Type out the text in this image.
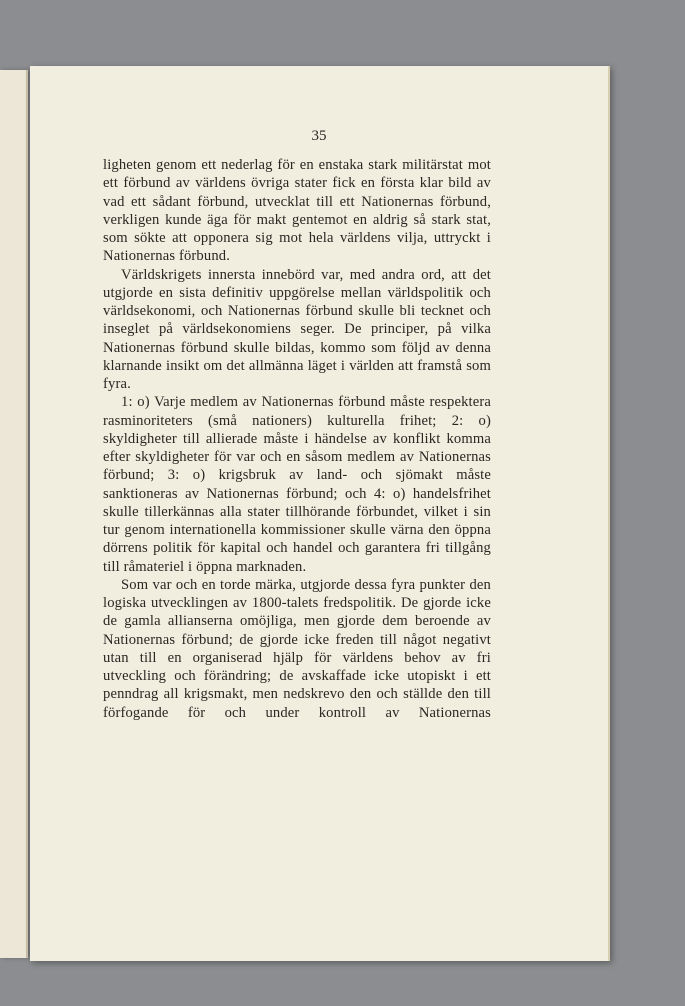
35

ligheten genom ett nederlag för en enstaka stark militärstat mot ett förbund av världens övriga stater fick en första klar bild av vad ett sådant förbund, utvecklat till ett Nationernas förbund, verkligen kunde äga för makt gentemot en aldrig så stark stat, som sökte att opponera sig mot hela världens vilja, uttryckt i Nationernas förbund.

Världskrigets innersta innebörd var, med andra ord, att det utgjorde en sista definitiv uppgörelse mellan världspolitik och världsekonomi, och Nationernas förbund skulle bli tecknet och inseglet på världsekonomiens seger. De principer, på vilka Nationernas förbund skulle bildas, kommo som följd av denna klarnande insikt om det allmänna läget i världen att framstå som fyra.

1: o) Varje medlem av Nationernas förbund måste respektera rasminoriteters (små nationers) kulturella frihet; 2: o) skyldigheter till allierade måste i händelse av konflikt komma efter skyldigheter för var och en såsom medlem av Nationernas förbund; 3: o) krigsbruk av land- och sjömakt måste sanktioneras av Nationernas förbund; och 4: o) handelsfrihet skulle tillerkännas alla stater tillhörande förbundet, vilket i sin tur genom internationella kommissioner skulle värna den öppna dörrens politik för kapital och handel och garantera fri tillgång till råmateriel i öppna marknaden.

Som var och en torde märka, utgjorde dessa fyra punkter den logiska utvecklingen av 1800-talets fredspolitik. De gjorde icke de gamla allianserna omöjliga, men gjorde dem beroende av Nationernas förbund; de gjorde icke freden till något negativt utan till en organiserad hjälp för världens behov av fri utveckling och förändring; de avskaffade icke utopiskt i ett penndrag all krigsmakt, men nedskrevo den och ställde den till förfogande för och under kontroll av Nationernas
